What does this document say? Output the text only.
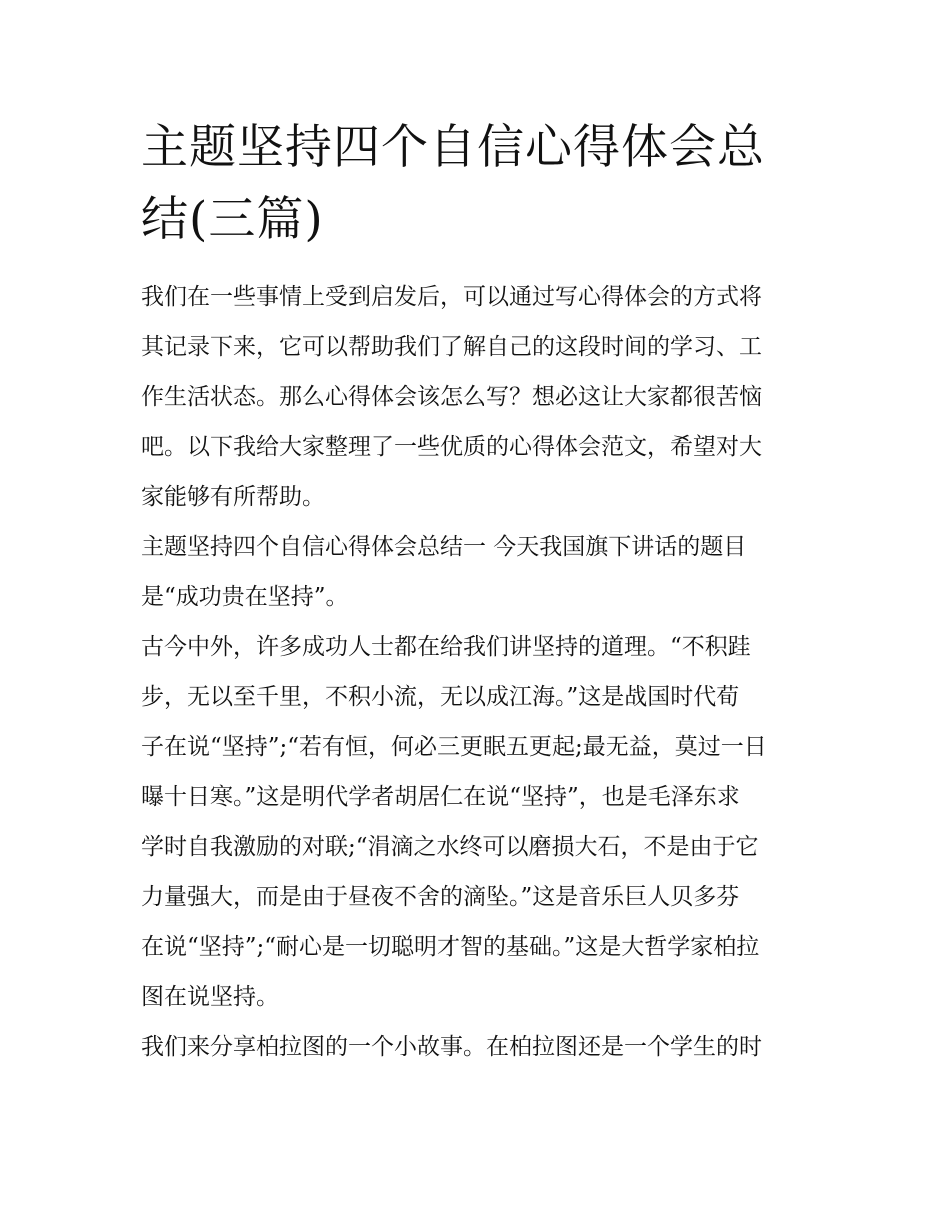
主题坚持四个自信心得体会总
结(三篇)

我们在一些事情上受到启发后，可以通过写心得体会的方式将
其记录下来，它可以帮助我们了解自己的这段时间的学习、工
作生活状态。那么心得体会该怎么写？想必这让大家都很苦恼
吧。以下我给大家整理了一些优质的心得体会范文，希望对大
家能够有所帮助。

主题坚持四个自信心得体会总结一 今天我国旗下讲话的题目
是“成功贵在坚持”。

古今中外，许多成功人士都在给我们讲坚持的道理。“不积跬
步，无以至千里，不积小流，无以成江海。”这是战国时代荀
子在说“坚持”;“若有恒，何必三更眠五更起;最无益，莫过一日
曝十日寒。”这是明代学者胡居仁在说“坚持”，也是毛泽东求
学时自我激励的对联;“涓滴之水终可以磨损大石，不是由于它
力量强大，而是由于昼夜不舍的滴坠。”这是音乐巨人贝多芬
在说“坚持”;“耐心是一切聪明才智的基础。”这是大哲学家柏拉
图在说坚持。

我们来分享柏拉图的一个小故事。在柏拉图还是一个学生的时
